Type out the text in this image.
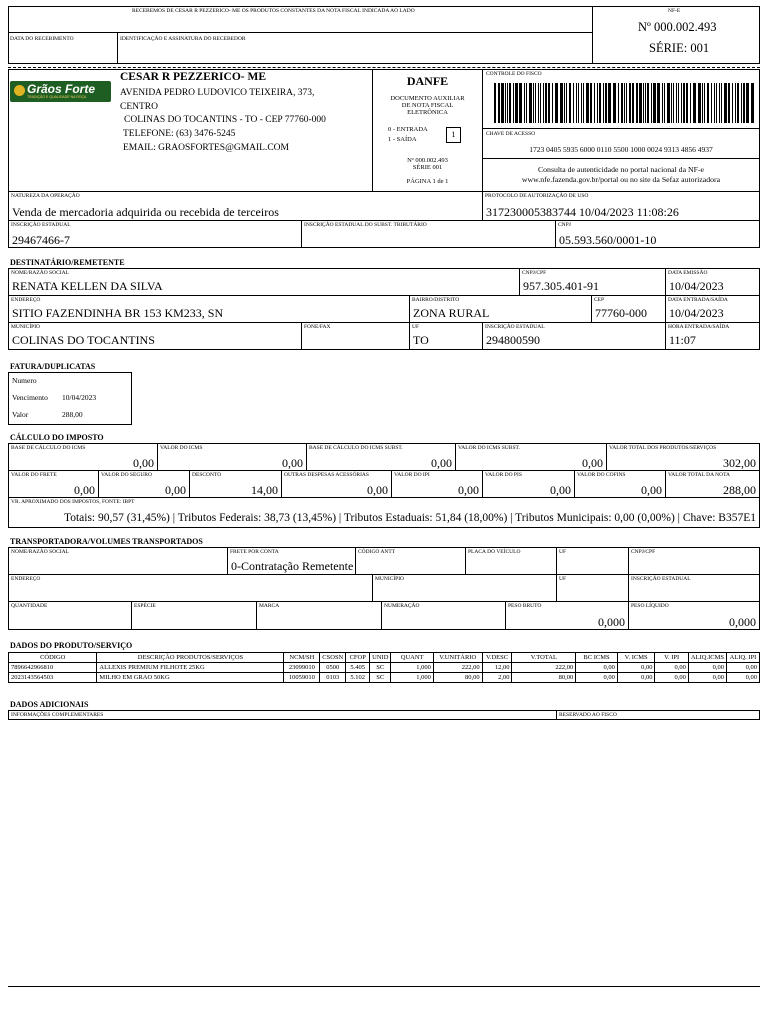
RECEBEMOS DE CESAR R PEZZERICO- ME OS PRODUTOS CONSTANTES DA NOTA FISCAL INDICADA AO LADO
DATA DO RECEBIMENTO	IDENTIFICAÇÃO E ASSINATURA DO RECEBEDOR
NF-E
Nº 000.002.493
SÉRIE: 001
Grãos Forte
TRADIÇÃO E QUALIDADE NA ROÇA
CESAR R PEZZERICO- ME
AVENIDA PEDRO LUDOVICO TEIXEIRA, 373,
CENTRO
COLINAS DO TOCANTINS - TO - CEP 77760-000
TELEFONE: (63) 3476-5245
EMAIL: GRAOSFORTES@GMAIL.COM
DANFE
DOCUMENTO AUXILIAR
DE NOTA FISCAL
ELETRÔNICA
0 - ENTRADA
1 - SAÍDA
1
Nº 000.002.493
SÉRIE 001
PÁGINA 1 de 1
CONTROLE DO FISCO
CHAVE DE ACESSO
1723 0405 5935 6000 0110 5500 1000 0024 9313 4856 4937
Consulta de autenticidade no portal nacional da NF-e
www.nfe.fazenda.gov.br/portal ou no site da Sefaz autorizadora
NATUREZA DA OPERAÇÃO
Venda de mercadoria adquirida ou recebida de terceiros
PROTOCOLO DE AUTORIZAÇÃO DE USO
317230005383744 10/04/2023 11:08:26
INSCRIÇÃO ESTADUAL
29467466-7
INSCRIÇÃO ESTADUAL DO SUBST. TRIBUTÁRIO	CNPJ
05.593.560/0001-10
DESTINATÁRIO/REMETENTE
NOME/RAZÃO SOCIAL
RENATA KELLEN DA SILVA
CNPJ/CPF
957.305.401-91
DATA EMISSÃO
10/04/2023
ENDEREÇO
SITIO FAZENDINHA BR 153 KM233, SN
BAIRRO/DISTRITO
ZONA RURAL
CEP
77760-000
DATA ENTRADA/SAÍDA
10/04/2023
MUNICÍPIO
COLINAS DO TOCANTINS
FONE/FAX	UF
TO
INSCRIÇÃO ESTADUAL
294800590
HORA ENTRADA/SAÍDA
11:07
FATURA/DUPLICATAS
Numero
Vencimento 10/04/2023
Valor	288,00
CÁLCULO DO IMPOSTO
BASE DE CÁLCULO DO ICMS
0,00
VALOR DO ICMS
0,00
BASE DE CÁLCULO DO ICMS SUBST.
0,00
VALOR DO ICMS SUBST.
0,00
VALOR TOTAL DOS PRODUTOS/SERVIÇOS
302,00
VALOR DO FRETE
0,00
VALOR DO SEGURO
0,00
DESCONTO
14,00
OUTRAS DESPESAS ACESSÓRIAS
0,00
VALOR DO IPI
0,00
VALOR DO PIS
0,00
VALOR DO COFINS
0,00
VALOR TOTAL DA NOTA
288,00
VR. APROXIMADO DOS IMPOSTOS, FONTE: IBPT
Totais: 90,57 (31,45%) | Tributos Federais: 38,73 (13,45%) | Tributos Estaduais: 51,84 (18,00%) | Tributos Municipais: 0,00 (0,00%) | Chave: B357E1
TRANSPORTADORA/VOLUMES TRANSPORTADOS
NOME/RAZÃO SOCIAL	FRETE POR CONTA
0-Contratação Remetente
CÓDIGO ANTT	PLACA DO VEÍCULO	UF	CNPJ/CPF
ENDEREÇO	MUNICÍPIO	UF	INSCRIÇÃO ESTADUAL
QUANTIDADE	ESPÉCIE	MARCA	NUMERAÇÃO	PESO BRUTO
0,000
PESO LÍQUIDO
0,000
DADOS DO PRODUTO/SERVIÇO
CÓDIGO	DESCRIÇÃO PRODUTOS/SERVIÇOS	NCM/SH	CSOSN	CFOP	UNID	QUANT	V.UNITÁRIO	V.DESC	V.TOTAL	BC ICMS	V. ICMS	V. IPI	ALIQ.ICMS	ALIQ. IPI
7896642966810	ALLEXIS PREMIUM FILHOTE 25KG	23099010	0500	5.405	SC	1,000	222,00	12,00	222,00	0,00	0,00	0,00	0,00	0,00
2023143564503	MILHO EM GRAO 50KG	10059010	0103	5.102	SC	1,000	80,00	2,00	80,00	0,00	0,00	0,00	0,00	0,00
DADOS ADICIONAIS
INFORMAÇÕES COMPLEMENTARES	RESERVADO AO FISCO
